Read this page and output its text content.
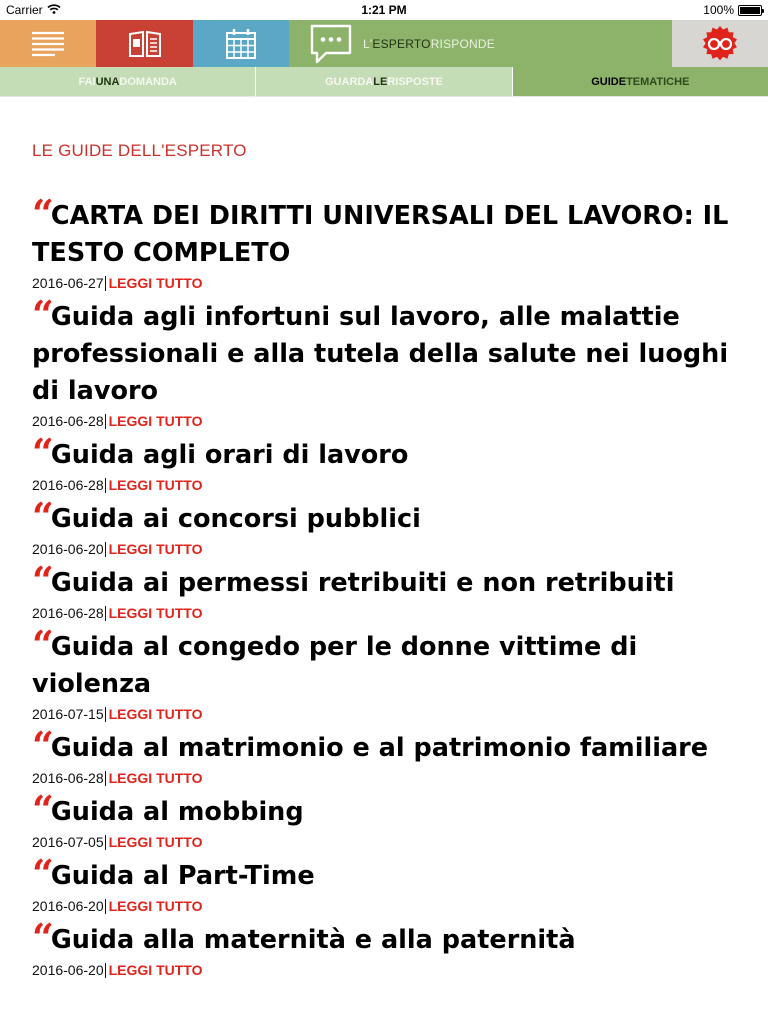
Carrier	1:21 PM	100%
L'ESPERTORISPONDE
FAI UNA DOMANDA	GUARDA LE RISPOSTE	GUIDE TEMATICHE
LE GUIDE DELL'ESPERTO
“CARTA DEI DIRITTI UNIVERSALI DEL LAVORO: IL TESTO COMPLETO
2016-06-27 LEGGI TUTTO
“Guida agli infortuni sul lavoro, alle malattie professionali e alla tutela della salute nei luoghi di lavoro
2016-06-28 LEGGI TUTTO
“Guida agli orari di lavoro
2016-06-28 LEGGI TUTTO
“Guida ai concorsi pubblici
2016-06-20 LEGGI TUTTO
“Guida ai permessi retribuiti e non retribuiti
2016-06-28 LEGGI TUTTO
“Guida al congedo per le donne vittime di violenza
2016-07-15 LEGGI TUTTO
“Guida al matrimonio e al patrimonio familiare
2016-06-28 LEGGI TUTTO
“Guida al mobbing
2016-07-05 LEGGI TUTTO
“Guida al Part-Time
2016-06-20 LEGGI TUTTO
“Guida alla maternità e alla paternità
2016-06-20 LEGGI TUTTO
